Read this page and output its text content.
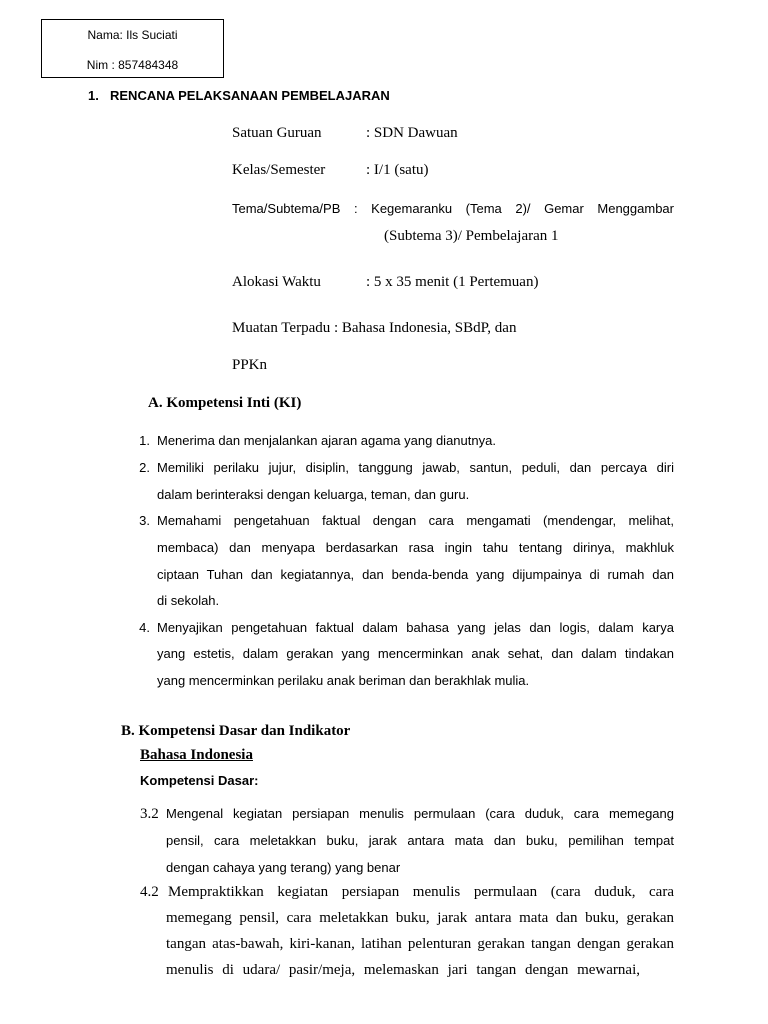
Nama: Ils Suciati
Nim : 857484348
1. RENCANA PELAKSANAAN PEMBELAJARAN
Satuan Guruan	: SDN Dawuan
Kelas/Semester	: I/1 (satu)
Tema/Subtema/PB : Kegemaranku (Tema 2)/ Gemar Menggambar
(Subtema 3)/ Pembelajaran 1
Alokasi Waktu	: 5 x 35 menit (1 Pertemuan)
Muatan Terpadu : Bahasa Indonesia, SBdP, dan
PPKn
A. Kompetensi Inti (KI)
1. Menerima dan menjalankan ajaran agama yang dianutnya.
2. Memiliki perilaku jujur, disiplin, tanggung jawab, santun, peduli, dan percaya diri
dalam berinteraksi dengan keluarga, teman, dan guru.
3. Memahami pengetahuan faktual dengan cara mengamati (mendengar, melihat,
membaca) dan menyapa berdasarkan rasa ingin tahu tentang dirinya, makhluk
ciptaan Tuhan dan kegiatannya, dan benda-benda yang dijumpainya di rumah dan
di sekolah.
4. Menyajikan pengetahuan faktual dalam bahasa yang jelas dan logis, dalam karya
yang estetis, dalam gerakan yang mencerminkan anak sehat, dan dalam tindakan
yang mencerminkan perilaku anak beriman dan berakhlak mulia.
B. Kompetensi Dasar dan Indikator
Bahasa Indonesia
Kompetensi Dasar:
3.2 Mengenal kegiatan persiapan menulis permulaan (cara duduk, cara memegang
pensil, cara meletakkan buku, jarak antara mata dan buku, pemilihan tempat
dengan cahaya yang terang) yang benar
4.2 Mempraktikkan kegiatan persiapan menulis permulaan (cara duduk, cara
memegang pensil, cara meletakkan buku, jarak antara mata dan buku, gerakan
tangan atas-bawah, kiri-kanan, latihan pelenturan gerakan tangan dengan gerakan
menulis di udara/ pasir/meja, melemaskan jari tangan dengan mewarnai,
